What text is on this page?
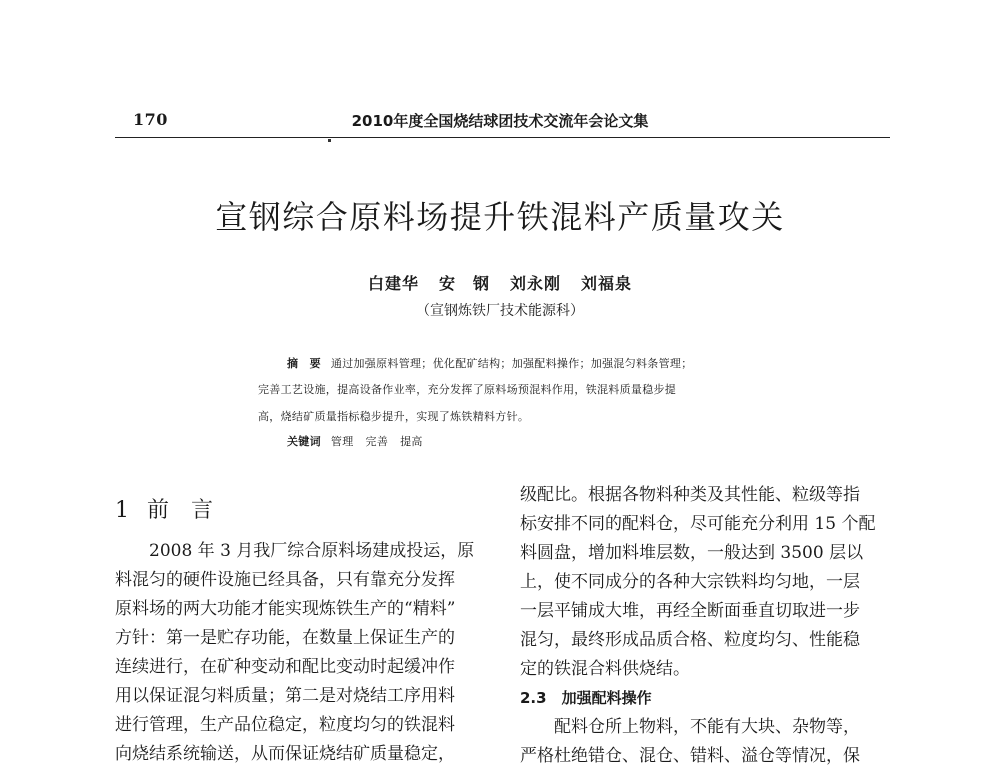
170	2010年度全国烧结球团技术交流年会论文集
宣钢综合原料场提升铁混料产质量攻关
白建华 安　钢 刘永刚 刘福泉
（宣钢炼铁厂技术能源科）
摘　要 通过加强原料管理；优化配矿结构；加强配料操作；加强混匀料条管理；
完善工艺设施，提高设备作业率，充分发挥了原料场预混料作用，铁混料质量稳步提
高，烧结矿质量指标稳步提升，实现了炼铁精料方针。
关键词 管理 完善 提高
1 前 言
　　2008 年 3 月我厂综合原料场建成投运，原
料混匀的硬件设施已经具备，只有靠充分发挥
原料场的两大功能才能实现炼铁生产的“精料”
方针：第一是贮存功能，在数量上保证生产的
连续进行，在矿种变动和配比变动时起缓冲作
用以保证混匀料质量；第二是对烧结工序用料
进行管理，生产品位稳定，粒度均匀的铁混料
向烧结系统输送，从而保证烧结矿质量稳定，
级配比。根据各物料种类及其性能、粒级等指
标安排不同的配料仓，尽可能充分利用 15 个配
料圆盘，增加料堆层数，一般达到 3500 层以
上，使不同成分的各种大宗铁料均匀地，一层
一层平铺成大堆，再经全断面垂直切取进一步
混匀，最终形成品质合格、粒度均匀、性能稳
定的铁混合料供烧结。
2.3　加强配料操作
　　配料仓所上物料，不能有大块、杂物等，
严格杜绝错仓、混仓、错料、溢仓等情况，保
